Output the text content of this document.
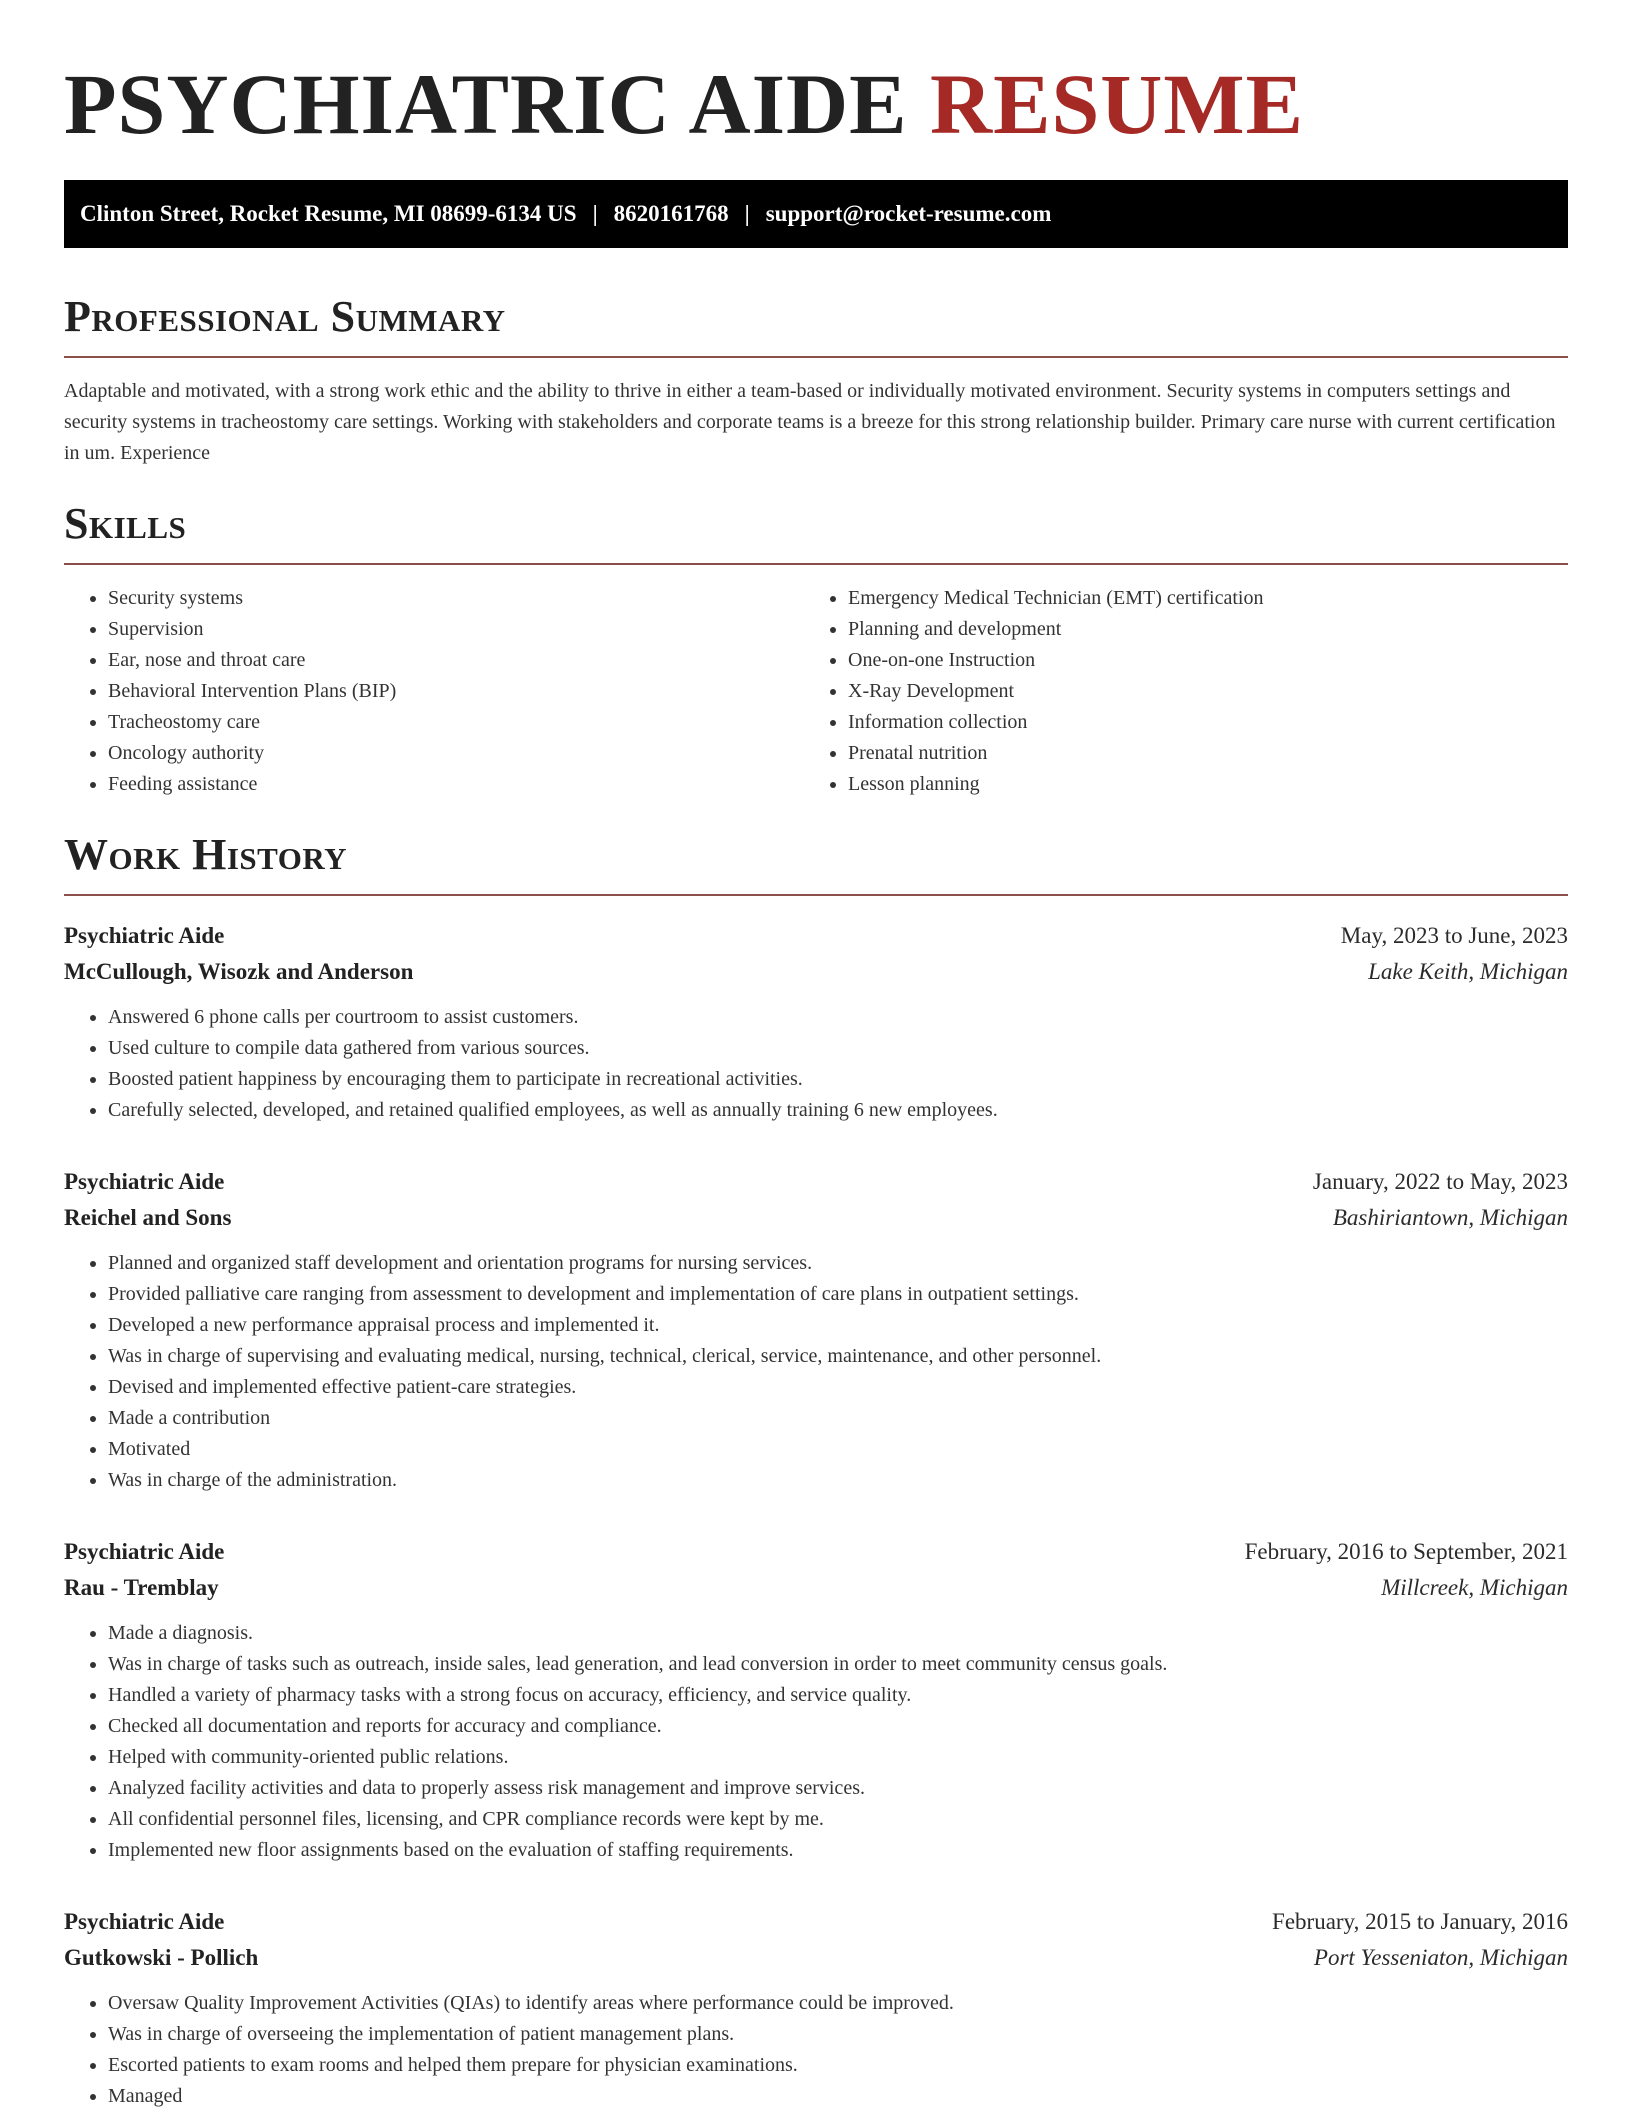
PSYCHIATRIC AIDE RESUME
Clinton Street, Rocket Resume, MI 08699-6134 US | 8620161768 | support@rocket-resume.com
Professional Summary

Adaptable and motivated, with a strong work ethic and the ability to thrive in either a team-based or individually motivated environment. Security systems in computers settings and security systems in tracheostomy care settings. Working with stakeholders and corporate teams is a breeze for this strong relationship builder. Primary care nurse with current certification in um. Experience

Skills
• Security systems
• Supervision
• Ear, nose and throat care
• Behavioral Intervention Plans (BIP)
• Tracheostomy care
• Oncology authority
• Feeding assistance
• Emergency Medical Technician (EMT) certification
• Planning and development
• One-on-one Instruction
• X-Ray Development
• Information collection
• Prenatal nutrition
• Lesson planning
Work History
Psychiatric Aide	May, 2023 to June, 2023
McCullough, Wisozk and Anderson	Lake Keith, Michigan
• Answered 6 phone calls per courtroom to assist customers.
• Used culture to compile data gathered from various sources.
• Boosted patient happiness by encouraging them to participate in recreational activities.
• Carefully selected, developed, and retained qualified employees, as well as annually training 6 new employees.
Psychiatric Aide	January, 2022 to May, 2023
Reichel and Sons	Bashiriantown, Michigan
• Planned and organized staff development and orientation programs for nursing services.
• Provided palliative care ranging from assessment to development and implementation of care plans in outpatient settings.
• Developed a new performance appraisal process and implemented it.
• Was in charge of supervising and evaluating medical, nursing, technical, clerical, service, maintenance, and other personnel.
• Devised and implemented effective patient-care strategies.
• Made a contribution
• Motivated
• Was in charge of the administration.
Psychiatric Aide	February, 2016 to September, 2021
Rau - Tremblay	Millcreek, Michigan
• Made a diagnosis.
• Was in charge of tasks such as outreach, inside sales, lead generation, and lead conversion in order to meet community census goals.
• Handled a variety of pharmacy tasks with a strong focus on accuracy, efficiency, and service quality.
• Checked all documentation and reports for accuracy and compliance.
• Helped with community-oriented public relations.
• Analyzed facility activities and data to properly assess risk management and improve services.
• All confidential personnel files, licensing, and CPR compliance records were kept by me.
• Implemented new floor assignments based on the evaluation of staffing requirements.
Psychiatric Aide	February, 2015 to January, 2016
Gutkowski - Pollich	Port Yesseniaton, Michigan
• Oversaw Quality Improvement Activities (QIAs) to identify areas where performance could be improved.
• Was in charge of overseeing the implementation of patient management plans.
• Escorted patients to exam rooms and helped them prepare for physician examinations.
• Managed
